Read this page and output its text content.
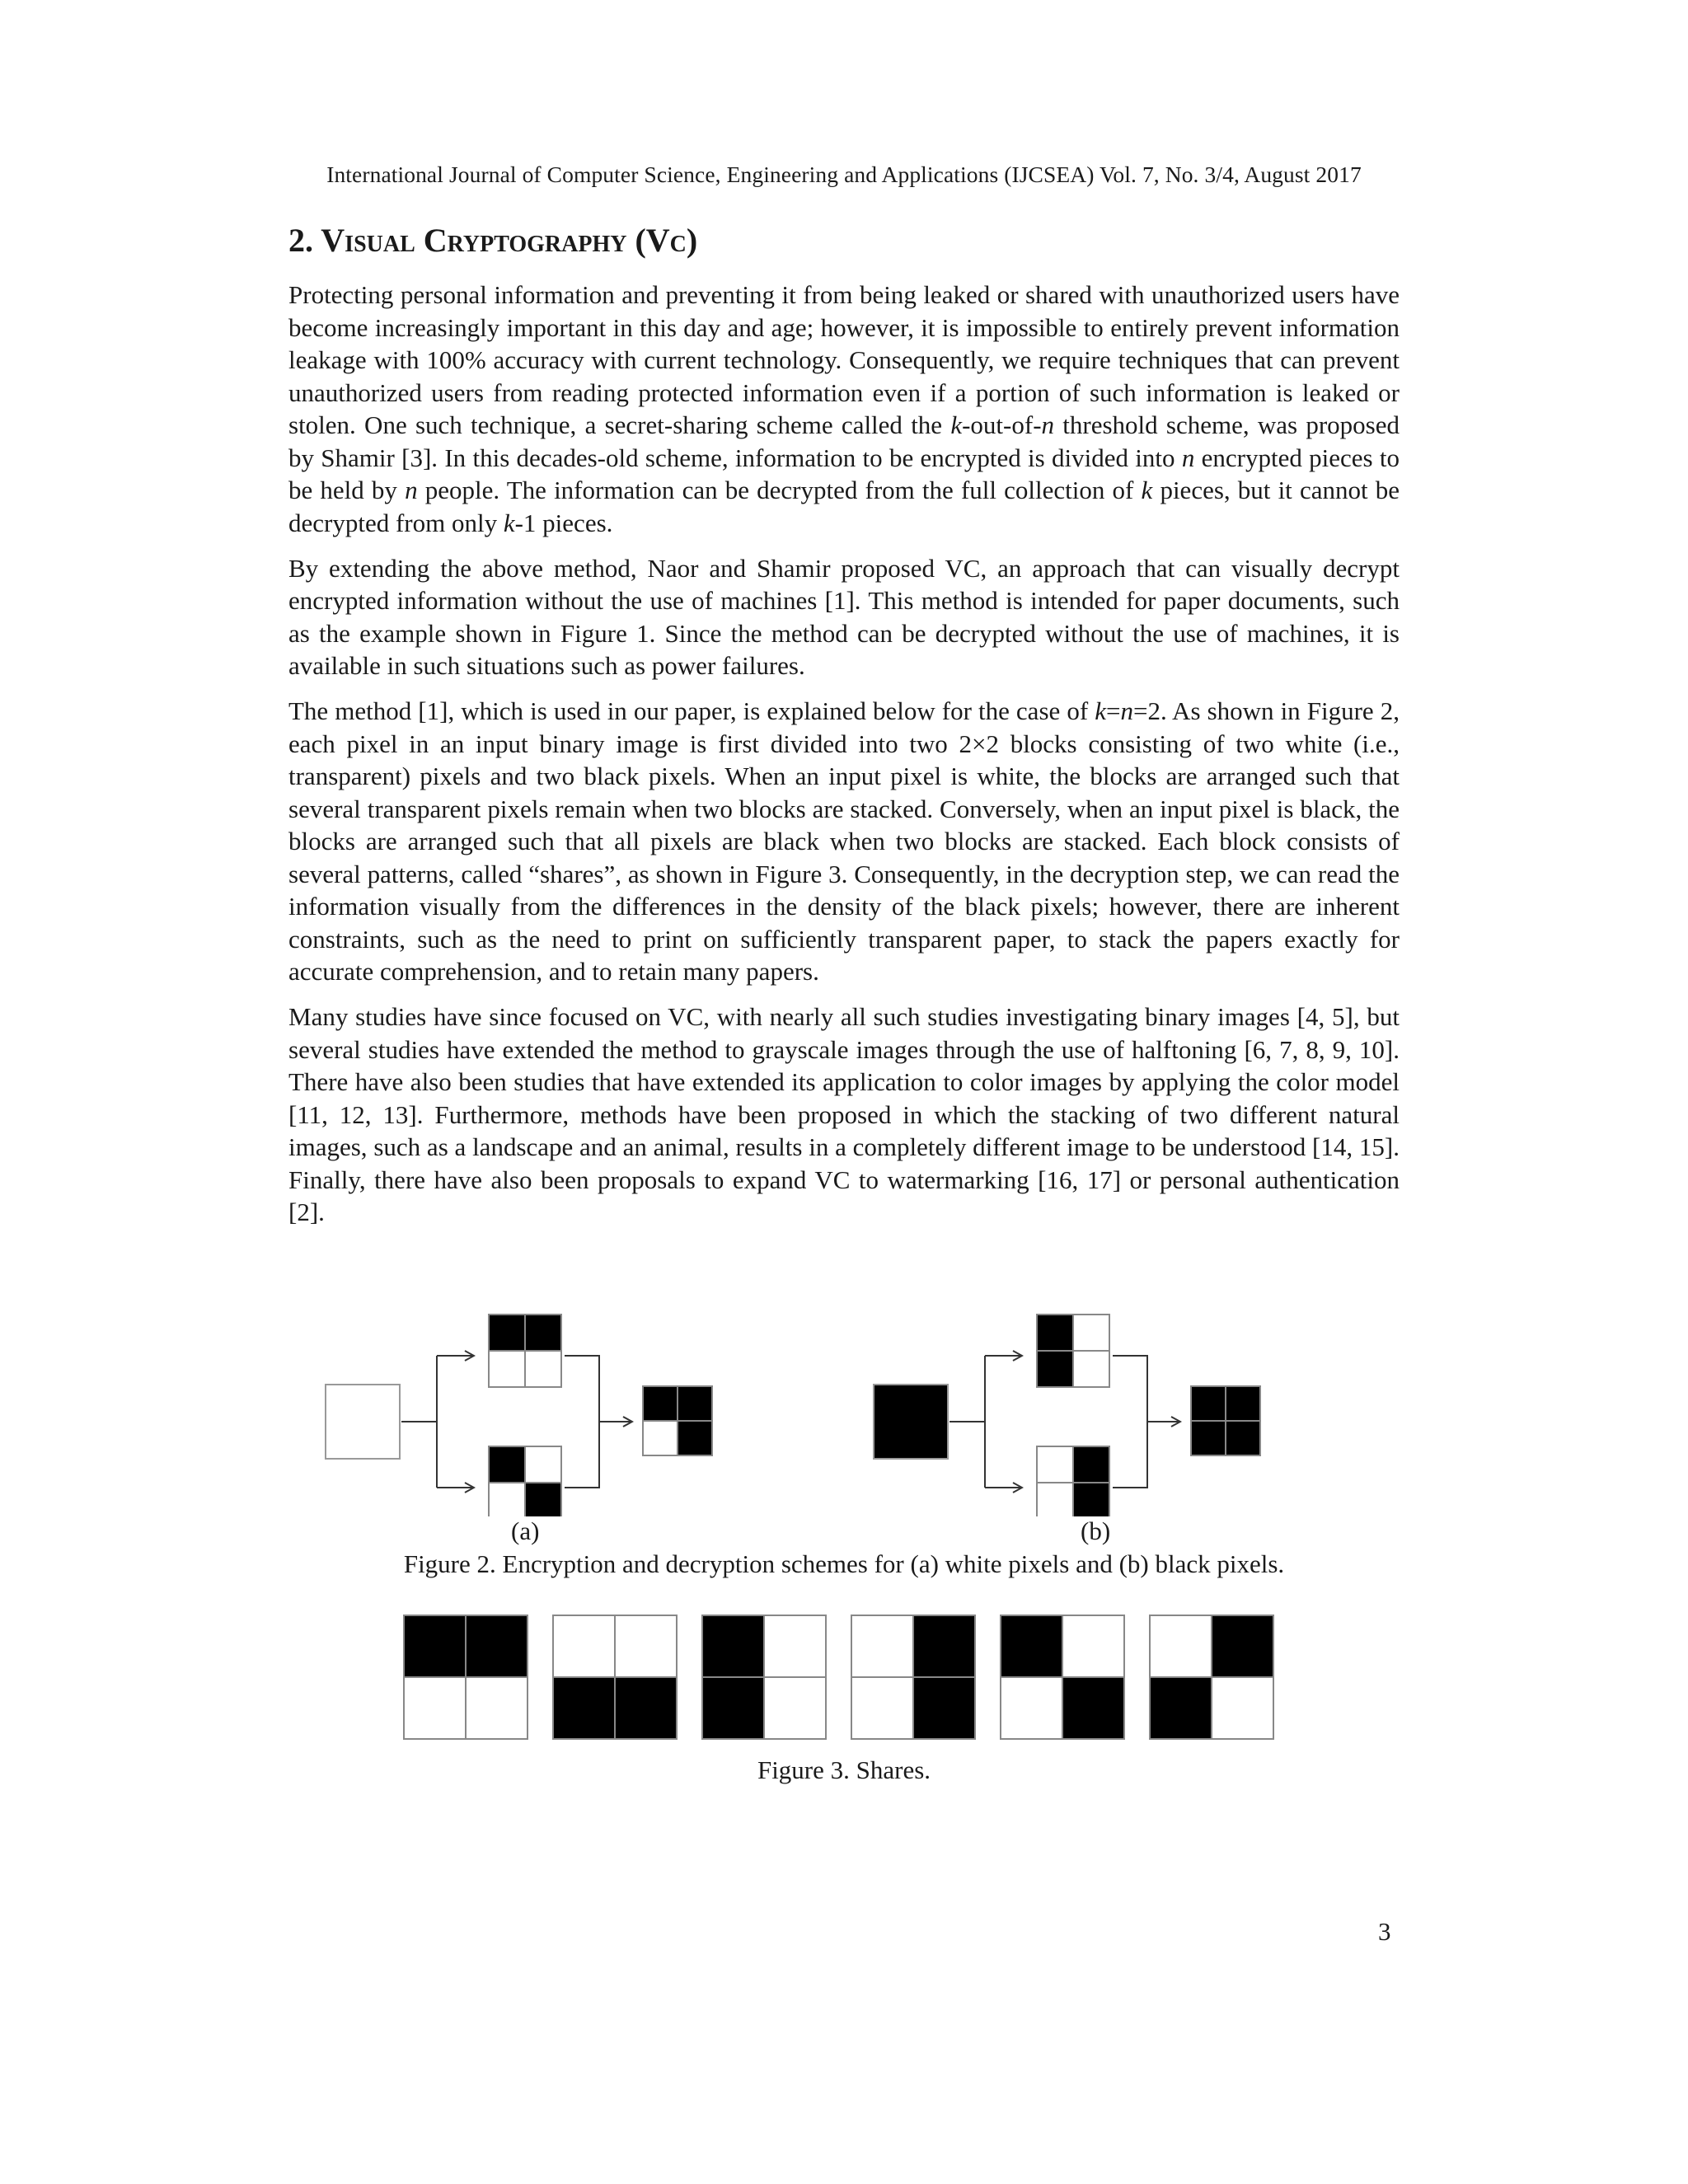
International Journal of Computer Science, Engineering and Applications (IJCSEA) Vol. 7, No. 3/4, August 2017
2. Visual Cryptography (Vc)

Protecting personal information and preventing it from being leaked or shared with unauthorized users have become increasingly important in this day and age; however, it is impossible to entirely prevent information leakage with 100% accuracy with current technology. Consequently, we require techniques that can prevent unauthorized users from reading protected information even if a portion of such information is leaked or stolen. One such technique, a secret-sharing scheme called the k-out-of-n threshold scheme, was proposed by Shamir [3]. In this decades-old scheme, information to be encrypted is divided into n encrypted pieces to be held by n people. The information can be decrypted from the full collection of k pieces, but it cannot be decrypted from only k-1 pieces.

By extending the above method, Naor and Shamir proposed VC, an approach that can visually decrypt encrypted information without the use of machines [1]. This method is intended for paper documents, such as the example shown in Figure 1. Since the method can be decrypted without the use of machines, it is available in such situations such as power failures.

The method [1], which is used in our paper, is explained below for the case of k=n=2. As shown in Figure 2, each pixel in an input binary image is first divided into two 2×2 blocks consisting of two white (i.e., transparent) pixels and two black pixels. When an input pixel is white, the blocks are arranged such that several transparent pixels remain when two blocks are stacked. Conversely, when an input pixel is black, the blocks are arranged such that all pixels are black when two blocks are stacked. Each block consists of several patterns, called “shares”, as shown in Figure 3. Consequently, in the decryption step, we can read the information visually from the differences in the density of the black pixels; however, there are inherent constraints, such as the need to print on sufficiently transparent paper, to stack the papers exactly for accurate comprehension, and to retain many papers.

Many studies have since focused on VC, with nearly all such studies investigating binary images [4, 5], but several studies have extended the method to grayscale images through the use of halftoning [6, 7, 8, 9, 10]. There have also been studies that have extended its application to color images by applying the color model [11, 12, 13]. Furthermore, methods have been proposed in which the stacking of two different natural images, such as a landscape and an animal, results in a completely different image to be understood [14, 15]. Finally, there have also been proposals to expand VC to watermarking [16, 17] or personal authentication [2].

(a)	(b)
Figure 2. Encryption and decryption schemes for (a) white pixels and (b) black pixels.
Figure 3. Shares.
3
